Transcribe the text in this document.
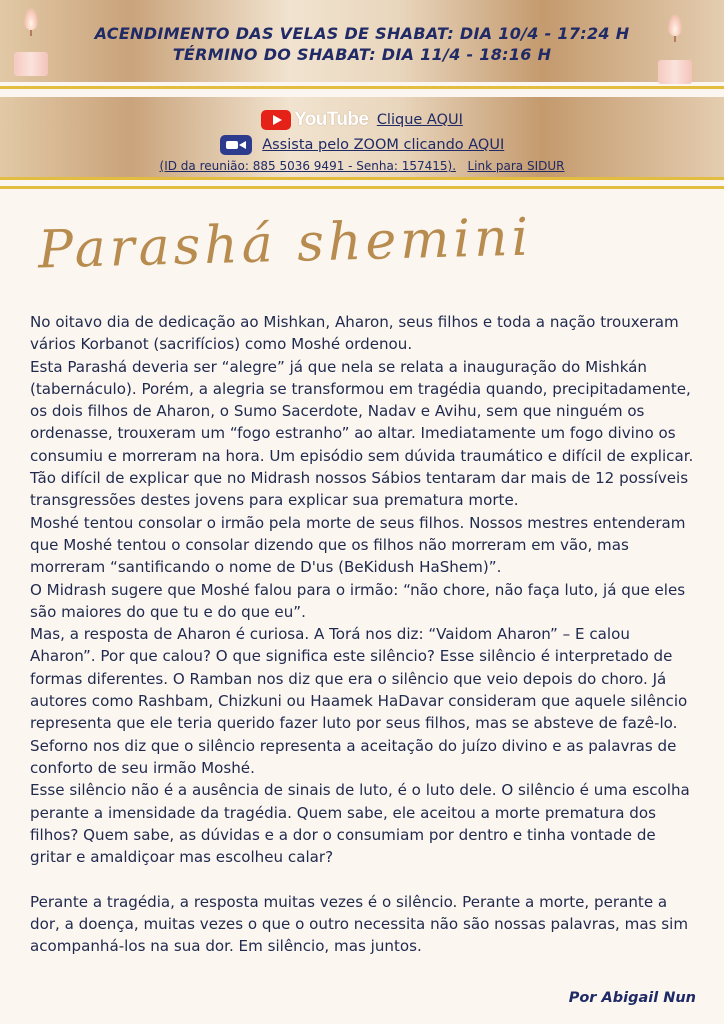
ACENDIMENTO DAS VELAS DE SHABAT: DIA 10/4 - 17:24 H
TÉRMINO DO SHABAT: DIA 11/4 - 18:16 H
YouTube Clique AQUI
Assista pelo ZOOM clicando AQUI
(ID da reunião: 885 5036 9491 - Senha: 157415). Link para SIDUR
Parashá shemini

No oitavo dia de dedicação ao Mishkan, Aharon, seus filhos e toda a nação trouxeram vários Korbanot (sacrifícios) como Moshé ordenou.

Esta Parashá deveria ser “alegre” já que nela se relata a inauguração do Mishkán (tabernáculo). Porém, a alegria se transformou em tragédia quando, precipitadamente, os dois filhos de Aharon, o Sumo Sacerdote, Nadav e Avihu, sem que ninguém os ordenasse, trouxeram um “fogo estranho” ao altar. Imediatamente um fogo divino os consumiu e morreram na hora. Um episódio sem dúvida traumático e difícil de explicar. Tão difícil de explicar que no Midrash nossos Sábios tentaram dar mais de 12 possíveis transgressões destes jovens para explicar sua prematura morte.

Moshé tentou consolar o irmão pela morte de seus filhos. Nossos mestres entenderam que Moshé tentou o consolar dizendo que os filhos não morreram em vão, mas morreram “santificando o nome de D'us (BeKidush HaShem)”.

O Midrash sugere que Moshé falou para o irmão: “não chore, não faça luto, já que eles são maiores do que tu e do que eu”.

Mas, a resposta de Aharon é curiosa. A Torá nos diz: “Vaidom Aharon” – E calou Aharon”. Por que calou? O que significa este silêncio? Esse silêncio é interpretado de formas diferentes. O Ramban nos diz que era o silêncio que veio depois do choro. Já autores como Rashbam, Chizkuni ou Haamek HaDavar consideram que aquele silêncio representa que ele teria querido fazer luto por seus filhos, mas se absteve de fazê-lo. Seforno nos diz que o silêncio representa a aceitação do juízo divino e as palavras de conforto de seu irmão Moshé.

Esse silêncio não é a ausência de sinais de luto, é o luto dele. O silêncio é uma escolha perante a imensidade da tragédia. Quem sabe, ele aceitou a morte prematura dos filhos? Quem sabe, as dúvidas e a dor o consumiam por dentro e tinha vontade de gritar e amaldiçoar mas escolheu calar?

Perante a tragédia, a resposta muitas vezes é o silêncio. Perante a morte, perante a dor, a doença, muitas vezes o que o outro necessita não são nossas palavras, mas sim acompanhá-los na sua dor. Em silêncio, mas juntos.

Por Abigail Nun
